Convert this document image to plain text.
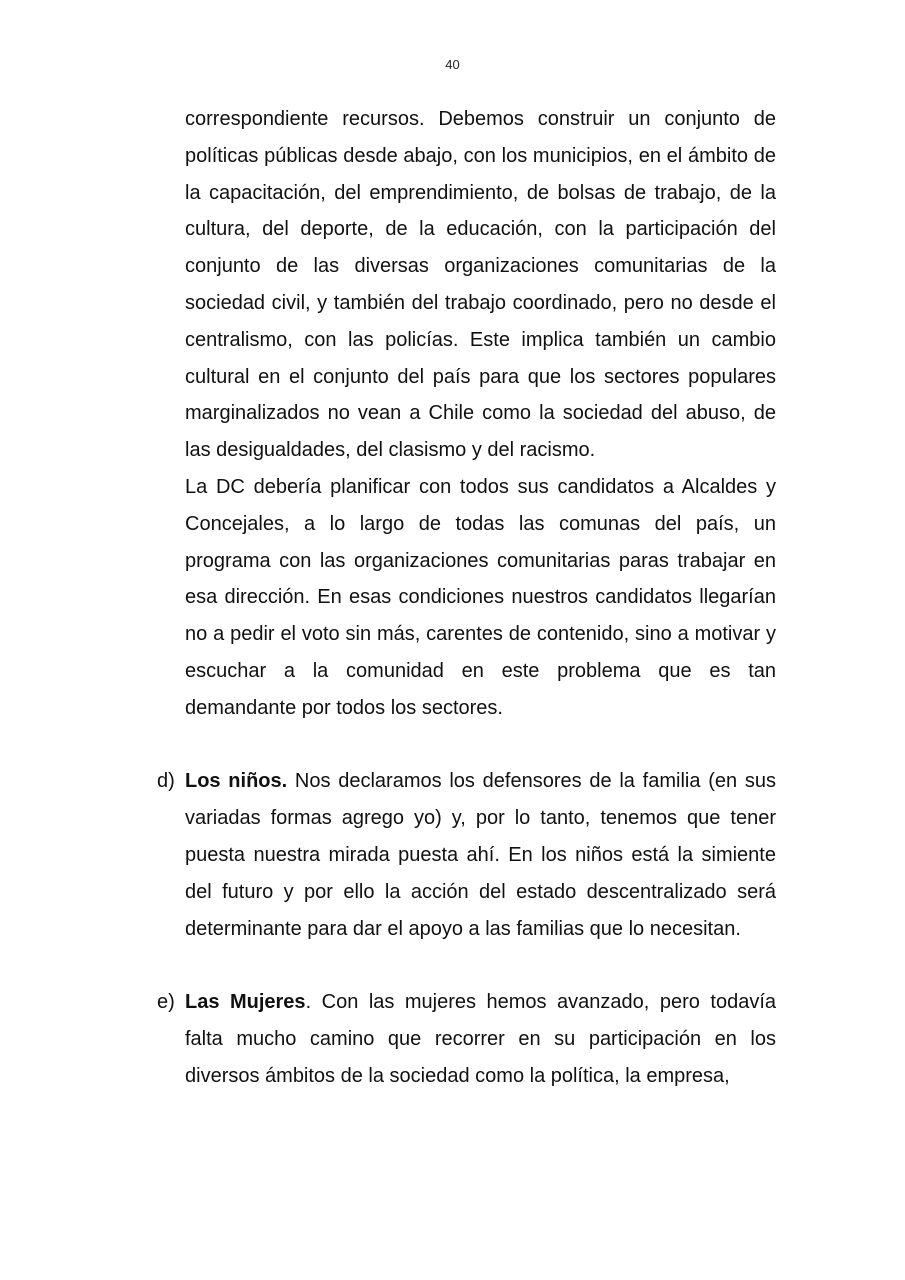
40

correspondiente recursos. Debemos construir un conjunto de políticas públicas desde abajo, con los municipios, en el ámbito de la capacitación, del emprendimiento, de bolsas de trabajo, de la cultura, del deporte, de la educación, con la participación del conjunto de las diversas organizaciones comunitarias de la sociedad civil, y también del trabajo coordinado, pero no desde el centralismo, con las policías. Este implica también un cambio cultural en el conjunto del país para que los sectores populares marginalizados no vean a Chile como la sociedad del abuso, de las desigualdades, del clasismo y del racismo.

La DC debería planificar con todos sus candidatos a Alcaldes y Concejales, a lo largo de todas las comunas del país, un programa con las organizaciones comunitarias paras trabajar en esa dirección. En esas condiciones nuestros candidatos llegarían no a pedir el voto sin más, carentes de contenido, sino a motivar y escuchar a la comunidad en este problema que es tan demandante por todos los sectores.

d) Los niños. Nos declaramos los defensores de la familia (en sus variadas formas agrego yo) y, por lo tanto, tenemos que tener puesta nuestra mirada puesta ahí. En los niños está la simiente del futuro y por ello la acción del estado descentralizado será determinante para dar el apoyo a las familias que lo necesitan.

e) Las Mujeres. Con las mujeres hemos avanzado, pero todavía falta mucho camino que recorrer en su participación en los diversos ámbitos de la sociedad como la política, la empresa,
